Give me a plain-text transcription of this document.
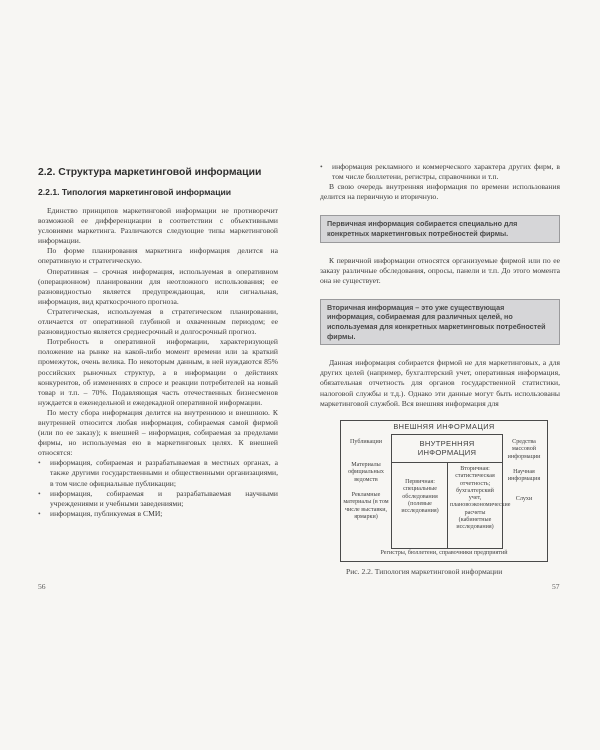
2.2. Структура маркетинговой информации
2.2.1. Типология маркетинговой информации

Единство принципов маркетинговой информации не противоречит возможной ее дифференциации в соответствии с объективными условиями маркетинга. Различаются следующие типы маркетинговой информации.

По форме планирования маркетинга информация делится на оперативную и стратегическую.

Оперативная – срочная информация, используемая в оперативном (операционном) планировании для неотложного использования; ее разновидностью является предупреждающая, или сигнальная, информация, вид краткосрочного прогноза.

Стратегическая, используемая в стратегическом планировании, отличается от оперативной глубиной и охваченным периодом; ее разновидностью является среднесрочный и долгосрочный прогноз.

Потребность в оперативной информации, характеризующей положение на рынке на какой-либо момент времени или за краткий промежуток, очень велика. По некоторым данным, в ней нуждаются 85% российских рыночных структур, а в информации о действиях конкурентов, об изменениях в спросе и реакции потребителей на новый товар и т.п. – 70%. Подавляющая часть отечественных бизнесменов нуждается в еженедельной и ежедекадной оперативной информации.

По месту сбора информация делится на внутреннюю и внешнюю. К внутренней относится любая информация, собираемая самой фирмой (или по ее заказу); к внешней – информация, собираемая за пределами фирмы, но используемая ею в маркетинговых целях. К внешней относятся:

• информация, собираемая и разрабатываемая в местных органах, а также другими государственными и общественными организациями, в том числе официальные публикации;
• информация, собираемая и разрабатываемая научными учреждениями и учебными заведениями;
• информация, публикуемая в СМИ;
56
• информация рекламного и коммерческого характера других фирм, в том числе бюллетени, регистры, справочники и т.п.

В свою очередь внутренняя информация по времени использования делится на первичную и вторичную.

Первичная информация собирается специально для конкретных маркетинговых потребностей фирмы.

К первичной информации относятся организуемые фирмой или по ее заказу различные обследования, опросы, панели и т.п. До этого момента она не существует.

Вторичная информация – это уже существующая информация, собираемая для различных целей, но используемая для конкретных маркетинговых потребностей фирмы.

Данная информация собирается фирмой не для маркетинговых, а для других целей (например, бухгалтерский учет, оперативная информация, обязательная отчетность для органов государственной статистики, налоговой службы и т.д.). Однако эти данные могут быть использованы маркетинговой службой. Вся внешняя информация для

ВНЕШНЯЯ ИНФОРМАЦИЯ
Публикации
Материалы официальных ведомств
Рекламные материалы (в том числе выставки, ярмарки)
ВНУТРЕННЯЯ ИНФОРМАЦИЯ
Первичная: специальные обследования (полевые исследования)
Вторичная: статистическая отчетность; бухгалтерский учет, плановоэкономические расчеты (кабинетные исследования)
Средства массовой информации
Научная информация
Слухи
Регистры, бюллетени, справочники предприятий
Рис. 2.2. Типология маркетинговой информации
57
